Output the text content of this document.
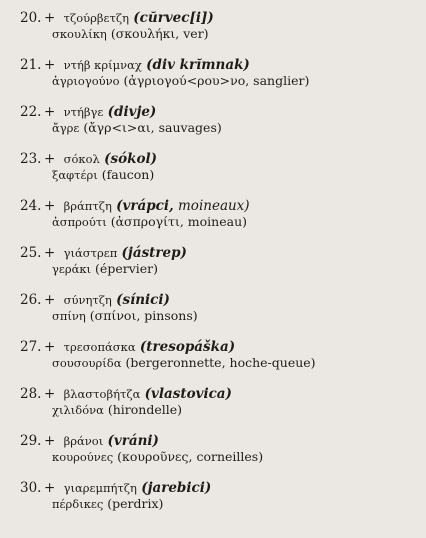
20. + τζούρβετζη (cŭrvec[i])
σκουλίκη (σκουλήκι, ver)
21. + ντήβ κρίμναχ (div krĭmnak)
ἀγριογούνο (ἀγριογού<ρου>νο, sanglier)
22. + ντήβγε (divje)
ἄγρε (ἄγρ<ι>αι, sauvages)
23. + σόκολ (sókol)
ξαφτέρι (faucon)
24. + βράπτζη (vrápci, moineaux)
ἀσπρούτι (ἀσπρογίτι, moineau)
25. + γιάστρεπ (jástrep)
γεράκι (épervier)
26. + σύνητζη (sínici)
σπίνη (σπίνοι, pinsons)
27. + τρεσοπάσκα (tresopáška)
σουσουρίδα (bergeronnette, hoche-queue)
28. + βλαστοβήτζα (vlastovica)
χιλιδόνα (hirondelle)
29. + βράνοι (vráni)
κουρούνες (κουροῦνες, corneilles)
30. + γιαρεμπήτζη (jarebici)
πέρδικες (perdrix)
